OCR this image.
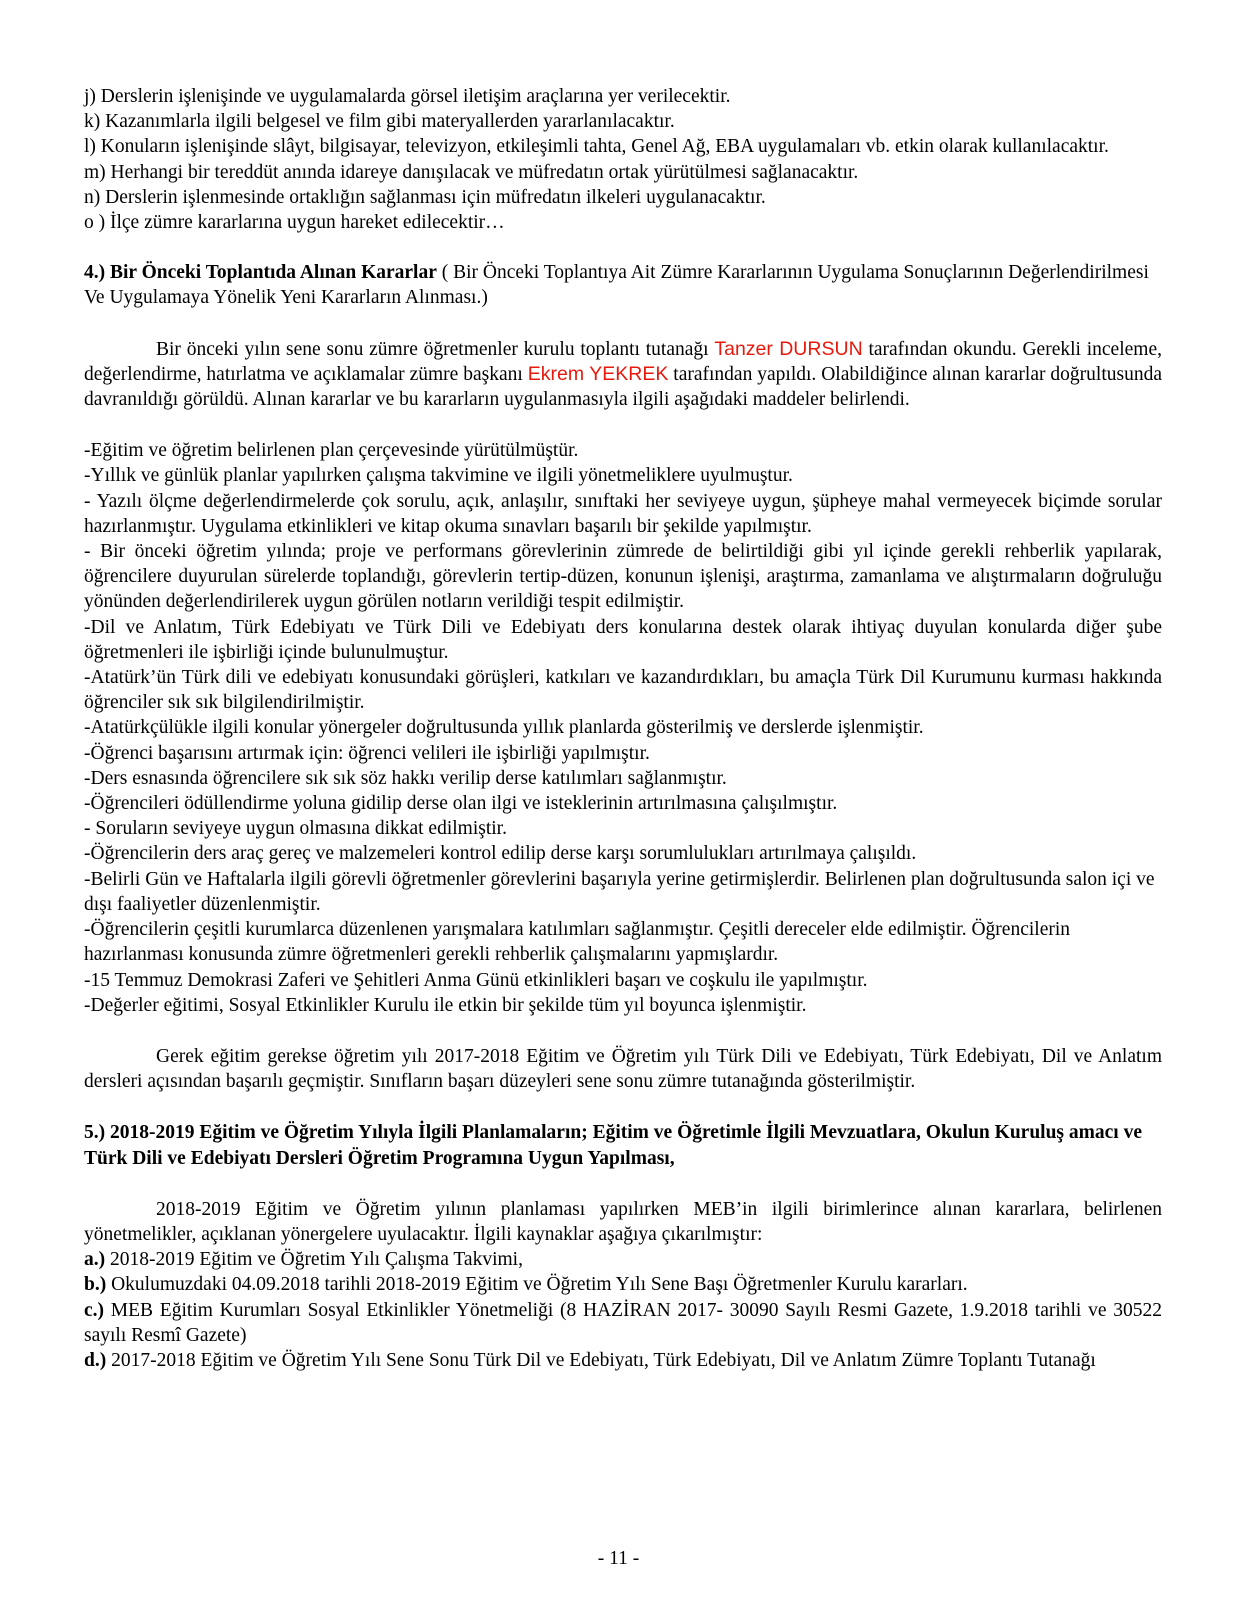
j) Derslerin işlenişinde ve uygulamalarda görsel iletişim araçlarına yer verilecektir.

k) Kazanımlarla ilgili belgesel ve film gibi materyallerden yararlanılacaktır.

l) Konuların işlenişinde slâyt, bilgisayar, televizyon, etkileşimli tahta, Genel Ağ, EBA uygulamaları vb. etkin olarak kullanılacaktır.

m) Herhangi bir tereddüt anında idareye danışılacak ve müfredatın ortak yürütülmesi sağlanacaktır.

n) Derslerin işlenmesinde ortaklığın sağlanması için müfredatın ilkeleri uygulanacaktır.

o ) İlçe zümre kararlarına uygun hareket edilecektir…

4.) Bir Önceki Toplantıda Alınan Kararlar ( Bir Önceki Toplantıya Ait Zümre Kararlarının Uygulama Sonuçlarının Değerlendirilmesi Ve Uygulamaya Yönelik Yeni Kararların Alınması.)

Bir önceki yılın sene sonu zümre öğretmenler kurulu toplantı tutanağı Tanzer DURSUN tarafından okundu. Gerekli inceleme, değerlendirme, hatırlatma ve açıklamalar zümre başkanı Ekrem YEKREK tarafından yapıldı. Olabildiğince alınan kararlar doğrultusunda davranıldığı görüldü. Alınan kararlar ve bu kararların uygulanmasıyla ilgili aşağıdaki maddeler belirlendi.

-Eğitim ve öğretim belirlenen plan çerçevesinde yürütülmüştür.

-Yıllık ve günlük planlar yapılırken çalışma takvimine ve ilgili yönetmeliklere uyulmuştur.

- Yazılı ölçme değerlendirmelerde çok sorulu, açık, anlaşılır, sınıftaki her seviyeye uygun, şüpheye mahal vermeyecek biçimde sorular hazırlanmıştır. Uygulama etkinlikleri ve kitap okuma sınavları başarılı bir şekilde yapılmıştır.

- Bir önceki öğretim yılında; proje ve performans görevlerinin zümrede de belirtildiği gibi yıl içinde gerekli rehberlik yapılarak, öğrencilere duyurulan sürelerde toplandığı, görevlerin tertip-düzen, konunun işlenişi, araştırma, zamanlama ve alıştırmaların doğruluğu yönünden değerlendirilerek uygun görülen notların verildiği tespit edilmiştir.

-Dil ve Anlatım, Türk Edebiyatı ve Türk Dili ve Edebiyatı ders konularına destek olarak ihtiyaç duyulan konularda diğer şube öğretmenleri ile işbirliği içinde bulunulmuştur.

-Atatürk’ün Türk dili ve edebiyatı konusundaki görüşleri, katkıları ve kazandırdıkları, bu amaçla Türk Dil Kurumunu kurması hakkında öğrenciler sık sık bilgilendirilmiştir.

-Atatürkçülükle ilgili konular yönergeler doğrultusunda yıllık planlarda gösterilmiş ve derslerde işlenmiştir.

-Öğrenci başarısını artırmak için: öğrenci velileri ile işbirliği yapılmıştır.

-Ders esnasında öğrencilere sık sık söz hakkı verilip derse katılımları sağlanmıştır.

-Öğrencileri ödüllendirme yoluna gidilip derse olan ilgi ve isteklerinin artırılmasına çalışılmıştır.

- Soruların seviyeye uygun olmasına dikkat edilmiştir.

-Öğrencilerin ders araç gereç ve malzemeleri kontrol edilip derse karşı sorumlulukları artırılmaya çalışıldı.

-Belirli Gün ve Haftalarla ilgili görevli öğretmenler görevlerini başarıyla yerine getirmişlerdir. Belirlenen plan doğrultusunda salon içi ve dışı faaliyetler düzenlenmiştir.

-Öğrencilerin çeşitli kurumlarca düzenlenen yarışmalara katılımları sağlanmıştır. Çeşitli dereceler elde edilmiştir. Öğrencilerin hazırlanması konusunda zümre öğretmenleri gerekli rehberlik çalışmalarını yapmışlardır.

-15 Temmuz Demokrasi Zaferi ve Şehitleri Anma Günü etkinlikleri başarı ve coşkulu ile yapılmıştır.

-Değerler eğitimi, Sosyal Etkinlikler Kurulu ile etkin bir şekilde tüm yıl boyunca işlenmiştir.

Gerek eğitim gerekse öğretim yılı 2017-2018 Eğitim ve Öğretim yılı Türk Dili ve Edebiyatı, Türk Edebiyatı, Dil ve Anlatım dersleri açısından başarılı geçmiştir. Sınıfların başarı düzeyleri sene sonu zümre tutanağında gösterilmiştir.

5.) 2018-2019 Eğitim ve Öğretim Yılıyla İlgili Planlamaların; Eğitim ve Öğretimle İlgili Mevzuatlara, Okulun Kuruluş amacı ve Türk Dili ve Edebiyatı Dersleri Öğretim Programına Uygun Yapılması,

2018-2019 Eğitim ve Öğretim yılının planlaması yapılırken MEB’in ilgili birimlerince alınan kararlara, belirlenen yönetmelikler, açıklanan yönergelere uyulacaktır. İlgili kaynaklar aşağıya çıkarılmıştır:

a.) 2018-2019 Eğitim ve Öğretim Yılı Çalışma Takvimi,

b.) Okulumuzdaki 04.09.2018 tarihli 2018-2019 Eğitim ve Öğretim Yılı Sene Başı Öğretmenler Kurulu kararları.

c.) MEB Eğitim Kurumları Sosyal Etkinlikler Yönetmeliği (8 HAZİRAN 2017- 30090 Sayılı Resmi Gazete, 1.9.2018 tarihli ve 30522 sayılı Resmî Gazete)

d.) 2017-2018 Eğitim ve Öğretim Yılı Sene Sonu Türk Dil ve Edebiyatı, Türk Edebiyatı, Dil ve Anlatım Zümre Toplantı Tutanağı

- 11 -
